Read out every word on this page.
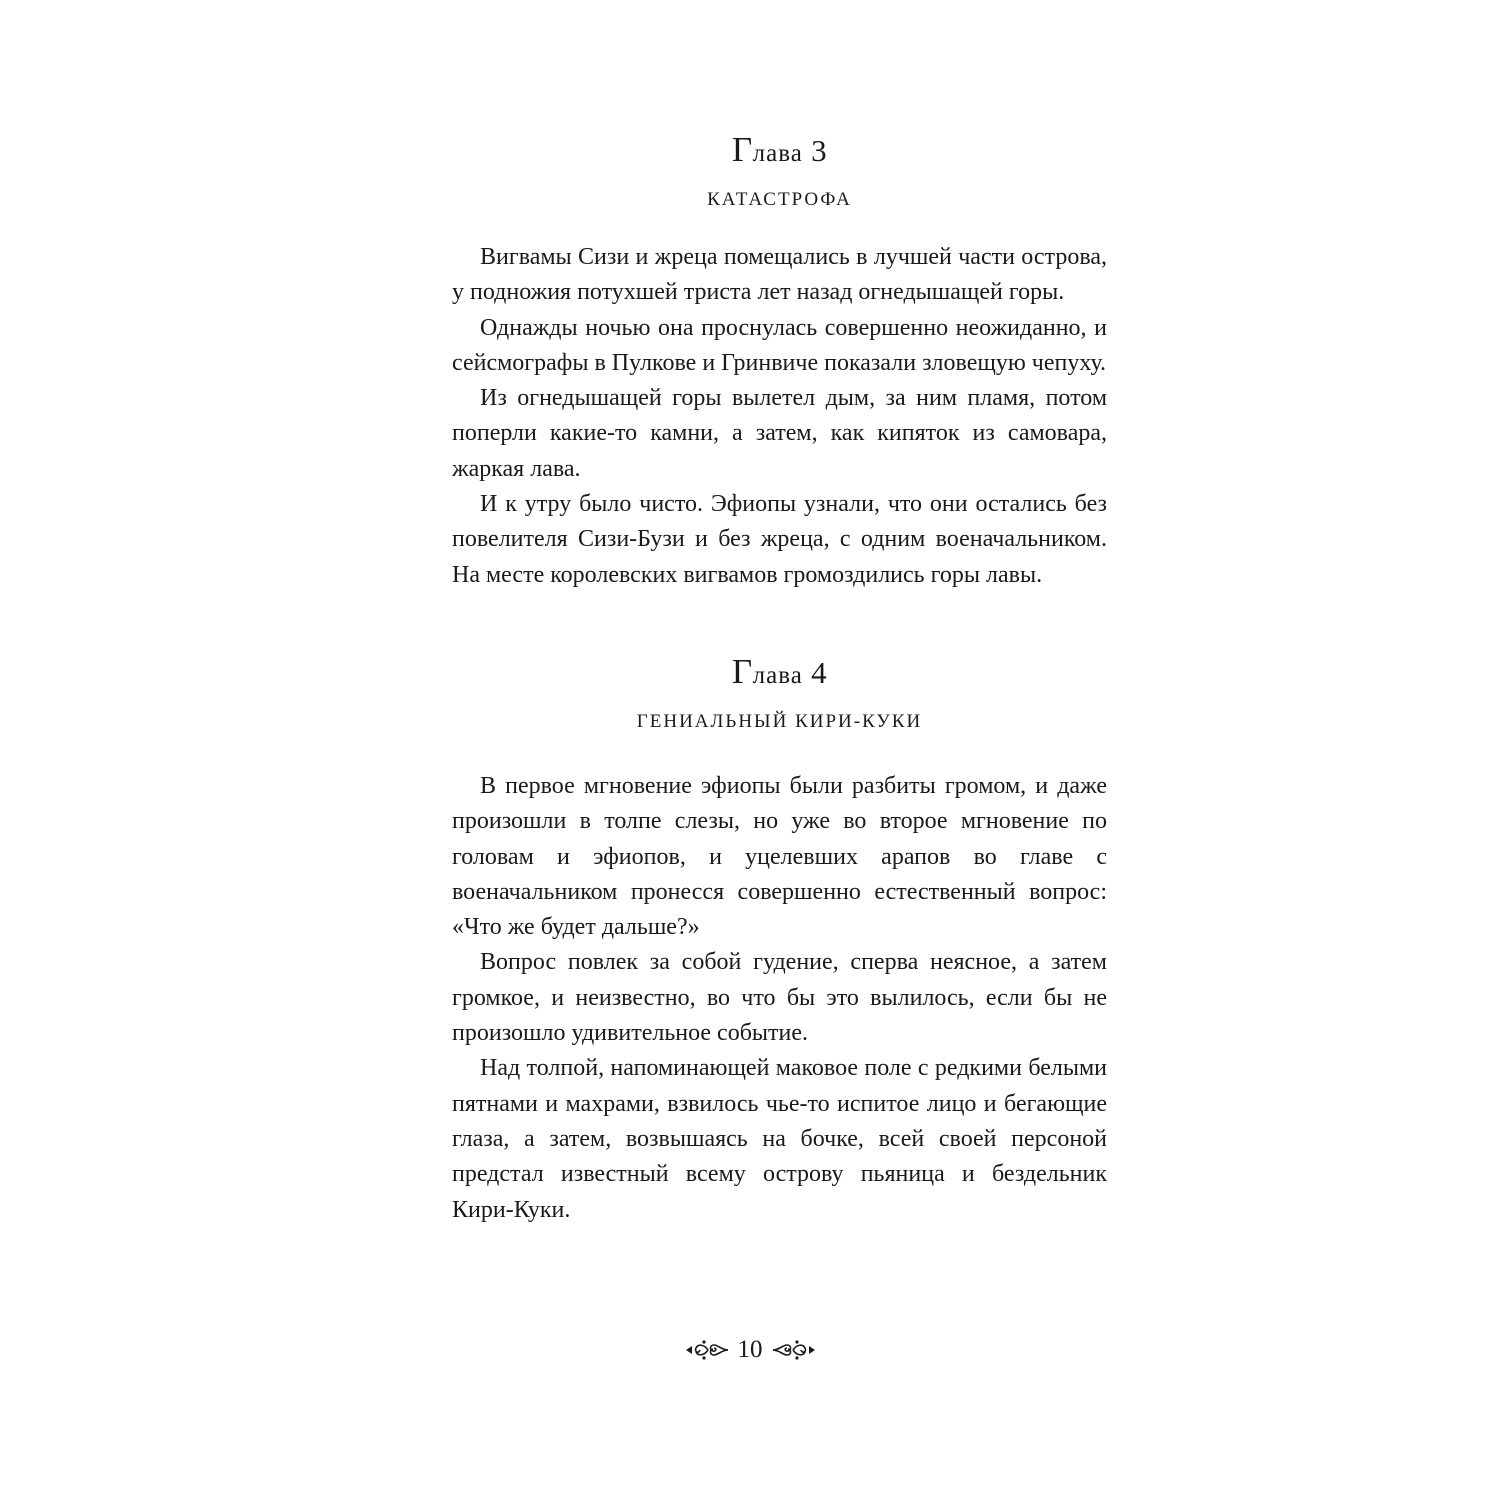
Глава 3
КАТАСТРОФА

Вигвамы Сизи и жреца помещались в лучшей части острова, у подножия потухшей триста лет назад огнедышащей горы.

Однажды ночью она проснулась совершенно неожиданно, и сейсмографы в Пулкове и Гринвиче показали зловещую чепуху.

Из огнедышащей горы вылетел дым, за ним пламя, потом поперли какие-то камни, а затем, как кипяток из самовара, жаркая лава.

И к утру было чисто. Эфиопы узнали, что они остались без повелителя Сизи-Бузи и без жреца, с одним военачальником. На месте королевских вигвамов громоздились горы лавы.

Глава 4
ГЕНИАЛЬНЫЙ КИРИ-КУКИ

В первое мгновение эфиопы были разбиты громом, и даже произошли в толпе слезы, но уже во второе мгновение по головам и эфиопов, и уцелевших арапов во главе с военачальником пронесся совершенно естественный вопрос: «Что же будет дальше?»

Вопрос повлек за собой гудение, сперва неясное, а затем громкое, и неизвестно, во что бы это вылилось, если бы не произошло удивительное событие.

Над толпой, напоминающей маковое поле с редкими белыми пятнами и махрами, взвилось чье-то испитое лицо и бегающие глаза, а затем, возвышаясь на бочке, всей своей персоной предстал известный всему острову пьяница и бездельник Кири-Куки.

10
